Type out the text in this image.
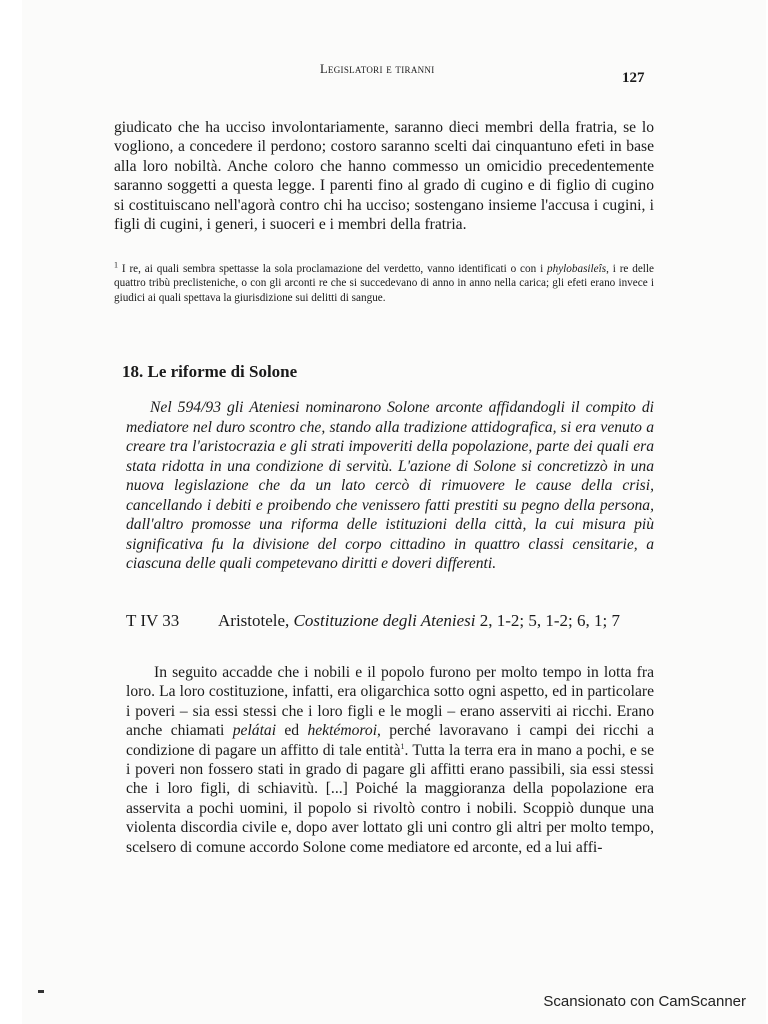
Legislatori e tiranni
127

giudicato che ha ucciso involontariamente, saranno dieci membri della fratria, se lo vogliono, a concedere il perdono; costoro saranno scelti dai cinquantuno efeti in base alla loro nobiltà. Anche coloro che hanno commesso un omicidio precedentemente saranno soggetti a questa legge. I parenti fino al grado di cugino e di figlio di cugino si costituiscano nell'agorà contro chi ha ucciso; sostengano insieme l'accusa i cugini, i figli di cugini, i generi, i suoceri e i membri della fratria.

$^1$ I re, ai quali sembra spettasse la sola proclamazione del verdetto, vanno identificati o con i phylobasileîs, i re delle quattro tribù preclisteniche, o con gli arconti re che si succedevano di anno in anno nella carica; gli efeti erano invece i giudici ai quali spettava la giurisdizione sui delitti di sangue.

18. Le riforme di Solone

Nel 594/93 gli Ateniesi nominarono Solone arconte affidandogli il compito di mediatore nel duro scontro che, stando alla tradizione attidografica, si era venuto a creare tra l'aristocrazia e gli strati impoveriti della popolazione, parte dei quali era stata ridotta in una condizione di servitù. L'azione di Solone si concretizzò in una nuova legislazione che da un lato cercò di rimuovere le cause della crisi, cancellando i debiti e proibendo che venissero fatti prestiti su pegno della persona, dall'altro promosse una riforma delle istituzioni della città, la cui misura più significativa fu la divisione del corpo cittadino in quattro classi censitarie, a ciascuna delle quali competevano diritti e doveri differenti.

T IV 33	Aristotele, Costituzione degli Ateniesi 2, 1-2; 5, 1-2; 6, 1; 7

In seguito accadde che i nobili e il popolo furono per molto tempo in lotta fra loro. La loro costituzione, infatti, era oligarchica sotto ogni aspetto, ed in particolare i poveri – sia essi stessi che i loro figli e le mogli – erano asserviti ai ricchi. Erano anche chiamati pelátai ed hektémoroi, perché lavoravano i campi dei ricchi a condizione di pagare un affitto di tale entità$^1$. Tutta la terra era in mano a pochi, e se i poveri non fossero stati in grado di pagare gli affitti erano passibili, sia essi stessi che i loro figli, di schiavitù. [...] Poiché la maggioranza della popolazione era asservita a pochi uomini, il popolo si rivoltò contro i nobili. Scoppiò dunque una violenta discordia civile e, dopo aver lottato gli uni contro gli altri per molto tempo, scelsero di comune accordo Solone come mediatore ed arconte, ed a lui affi-

Scansionato con CamScanner
